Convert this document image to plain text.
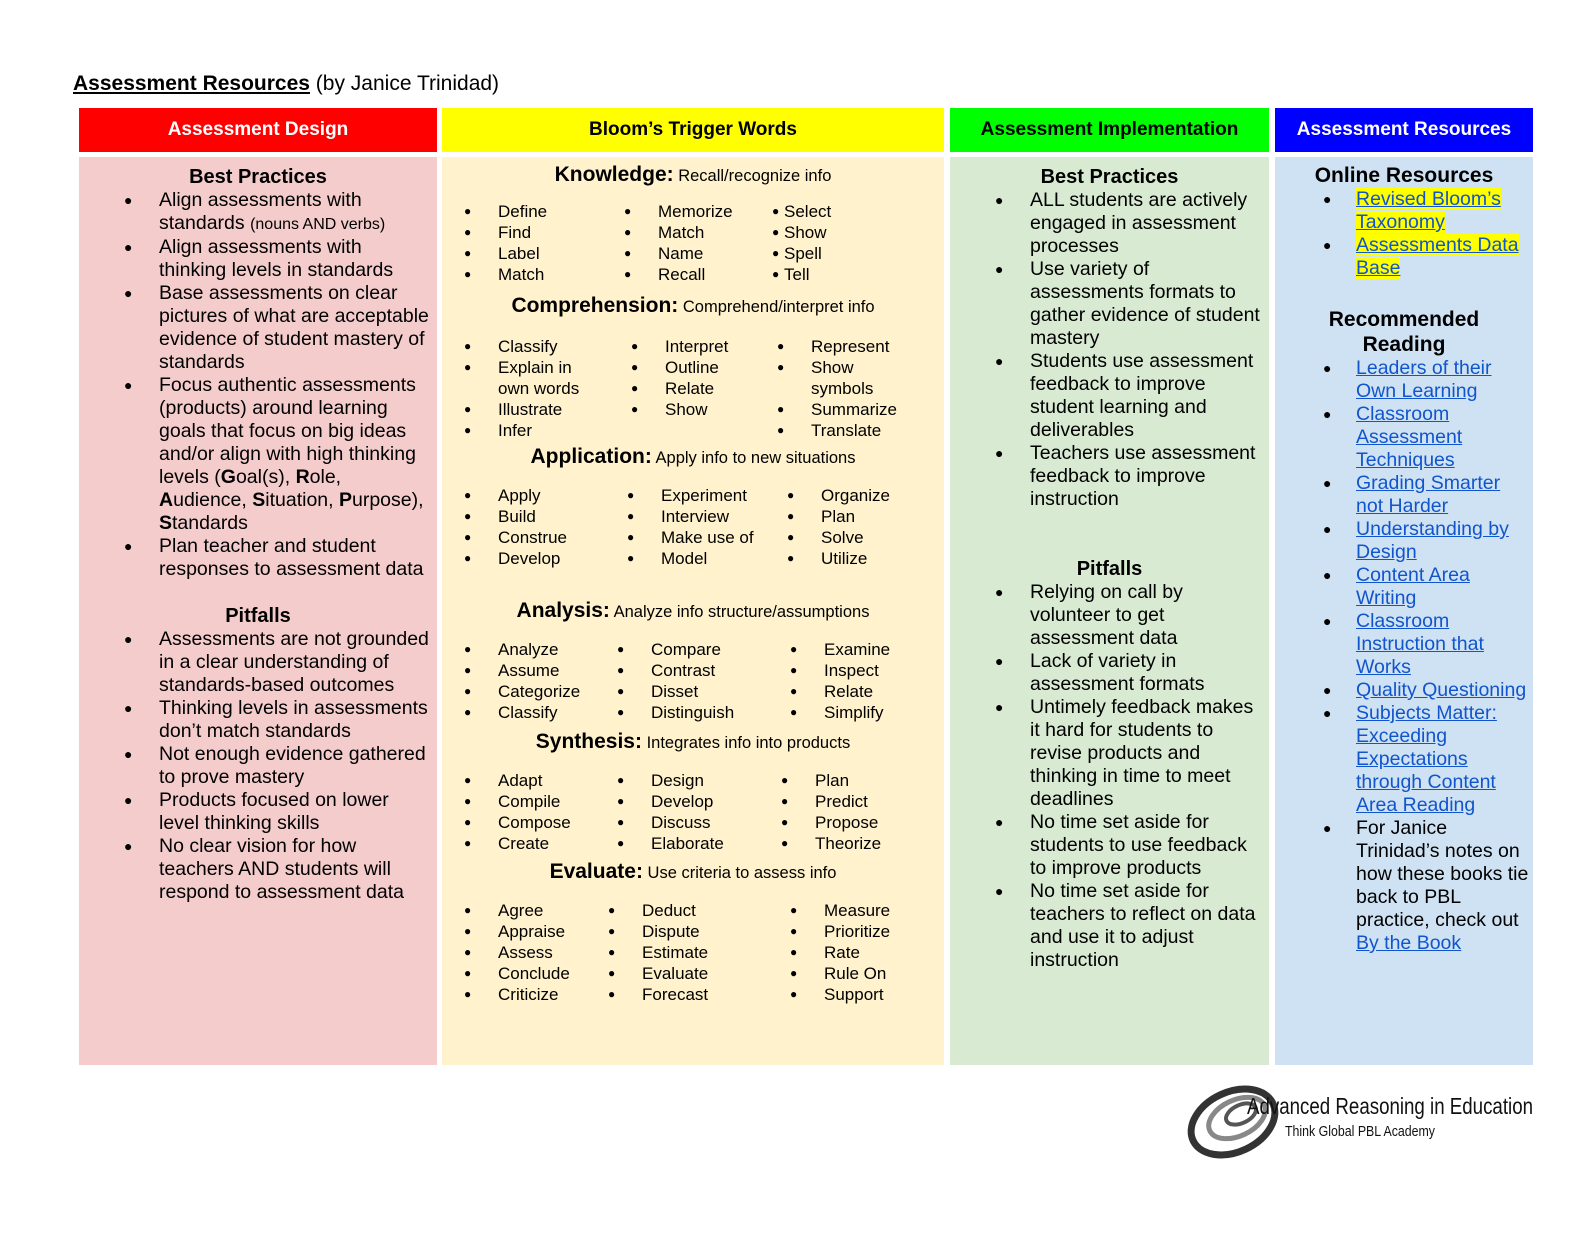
Assessment Resources (by Janice Trinidad)
Assessment Design
Best Practices
● Align assessments with standards (nouns AND verbs)
● Align assessments with thinking levels in standards
● Base assessments on clear pictures of what are acceptable evidence of student mastery of standards
● Focus authentic assessments (products) around learning goals that focus on big ideas and/or align with high thinking levels (Goal(s), Role, Audience, Situation, Purpose), Standards
● Plan teacher and student responses to assessment data
Pitfalls
● Assessments are not grounded in a clear understanding of standards-based outcomes
● Thinking levels in assessments don’t match standards
● Not enough evidence gathered to prove mastery
● Products focused on lower level thinking skills
● No clear vision for how teachers AND students will respond to assessment data
Bloom’s Trigger Words
Knowledge: Recall/recognize info
● Define
● Find
● Label
● Match
● Memorize
● Match
● Name
● Recall
● Select
● Show
● Spell
● Tell
Comprehension: Comprehend/interpret info
● Classify
● Explain in own words
● Illustrate
● Infer
● Interpret
● Outline
● Relate
● Show
● Represent
● Show symbols
● Summarize
● Translate
Application: Apply info to new situations
● Apply
● Build
● Construe
● Develop
● Experiment
● Interview
● Make use of
● Model
● Organize
● Plan
● Solve
● Utilize
Analysis: Analyze info structure/assumptions
● Analyze
● Assume
● Categorize
● Classify
● Compare
● Contrast
● Disset
● Distinguish
● Examine
● Inspect
● Relate
● Simplify
Synthesis: Integrates info into products
● Adapt
● Compile
● Compose
● Create
● Design
● Develop
● Discuss
● Elaborate
● Plan
● Predict
● Propose
● Theorize
Evaluate: Use criteria to assess info
● Agree
● Appraise
● Assess
● Conclude
● Criticize
● Deduct
● Dispute
● Estimate
● Evaluate
● Forecast
● Measure
● Prioritize
● Rate
● Rule On
● Support
Assessment Implementation
Best Practices
● ALL students are actively engaged in assessment processes
● Use variety of assessments formats to gather evidence of student mastery
● Students use assessment feedback to improve student learning and deliverables
● Teachers use assessment feedback to improve instruction
Pitfalls
● Relying on call by volunteer to get assessment data
● Lack of variety in assessment formats
● Untimely feedback makes it hard for students to revise products and thinking in time to meet deadlines
● No time set aside for students to use feedback to improve products
● No time set aside for teachers to reflect on data and use it to adjust instruction
Assessment Resources
Online Resources
● Revised Bloom’s Taxonomy
● Assessments Data Base
Recommended Reading
● Leaders of their Own Learning
● Classroom Assessment Techniques
● Grading Smarter not Harder
● Understanding by Design
● Content Area Writing
● Classroom Instruction that Works
● Quality Questioning
● Subjects Matter: Exceeding Expectations through Content Area Reading
● For Janice Trinidad’s notes on how these books tie back to PBL practice, check out By the Book
Advanced Reasoning in Education
Think Global PBL Academy
